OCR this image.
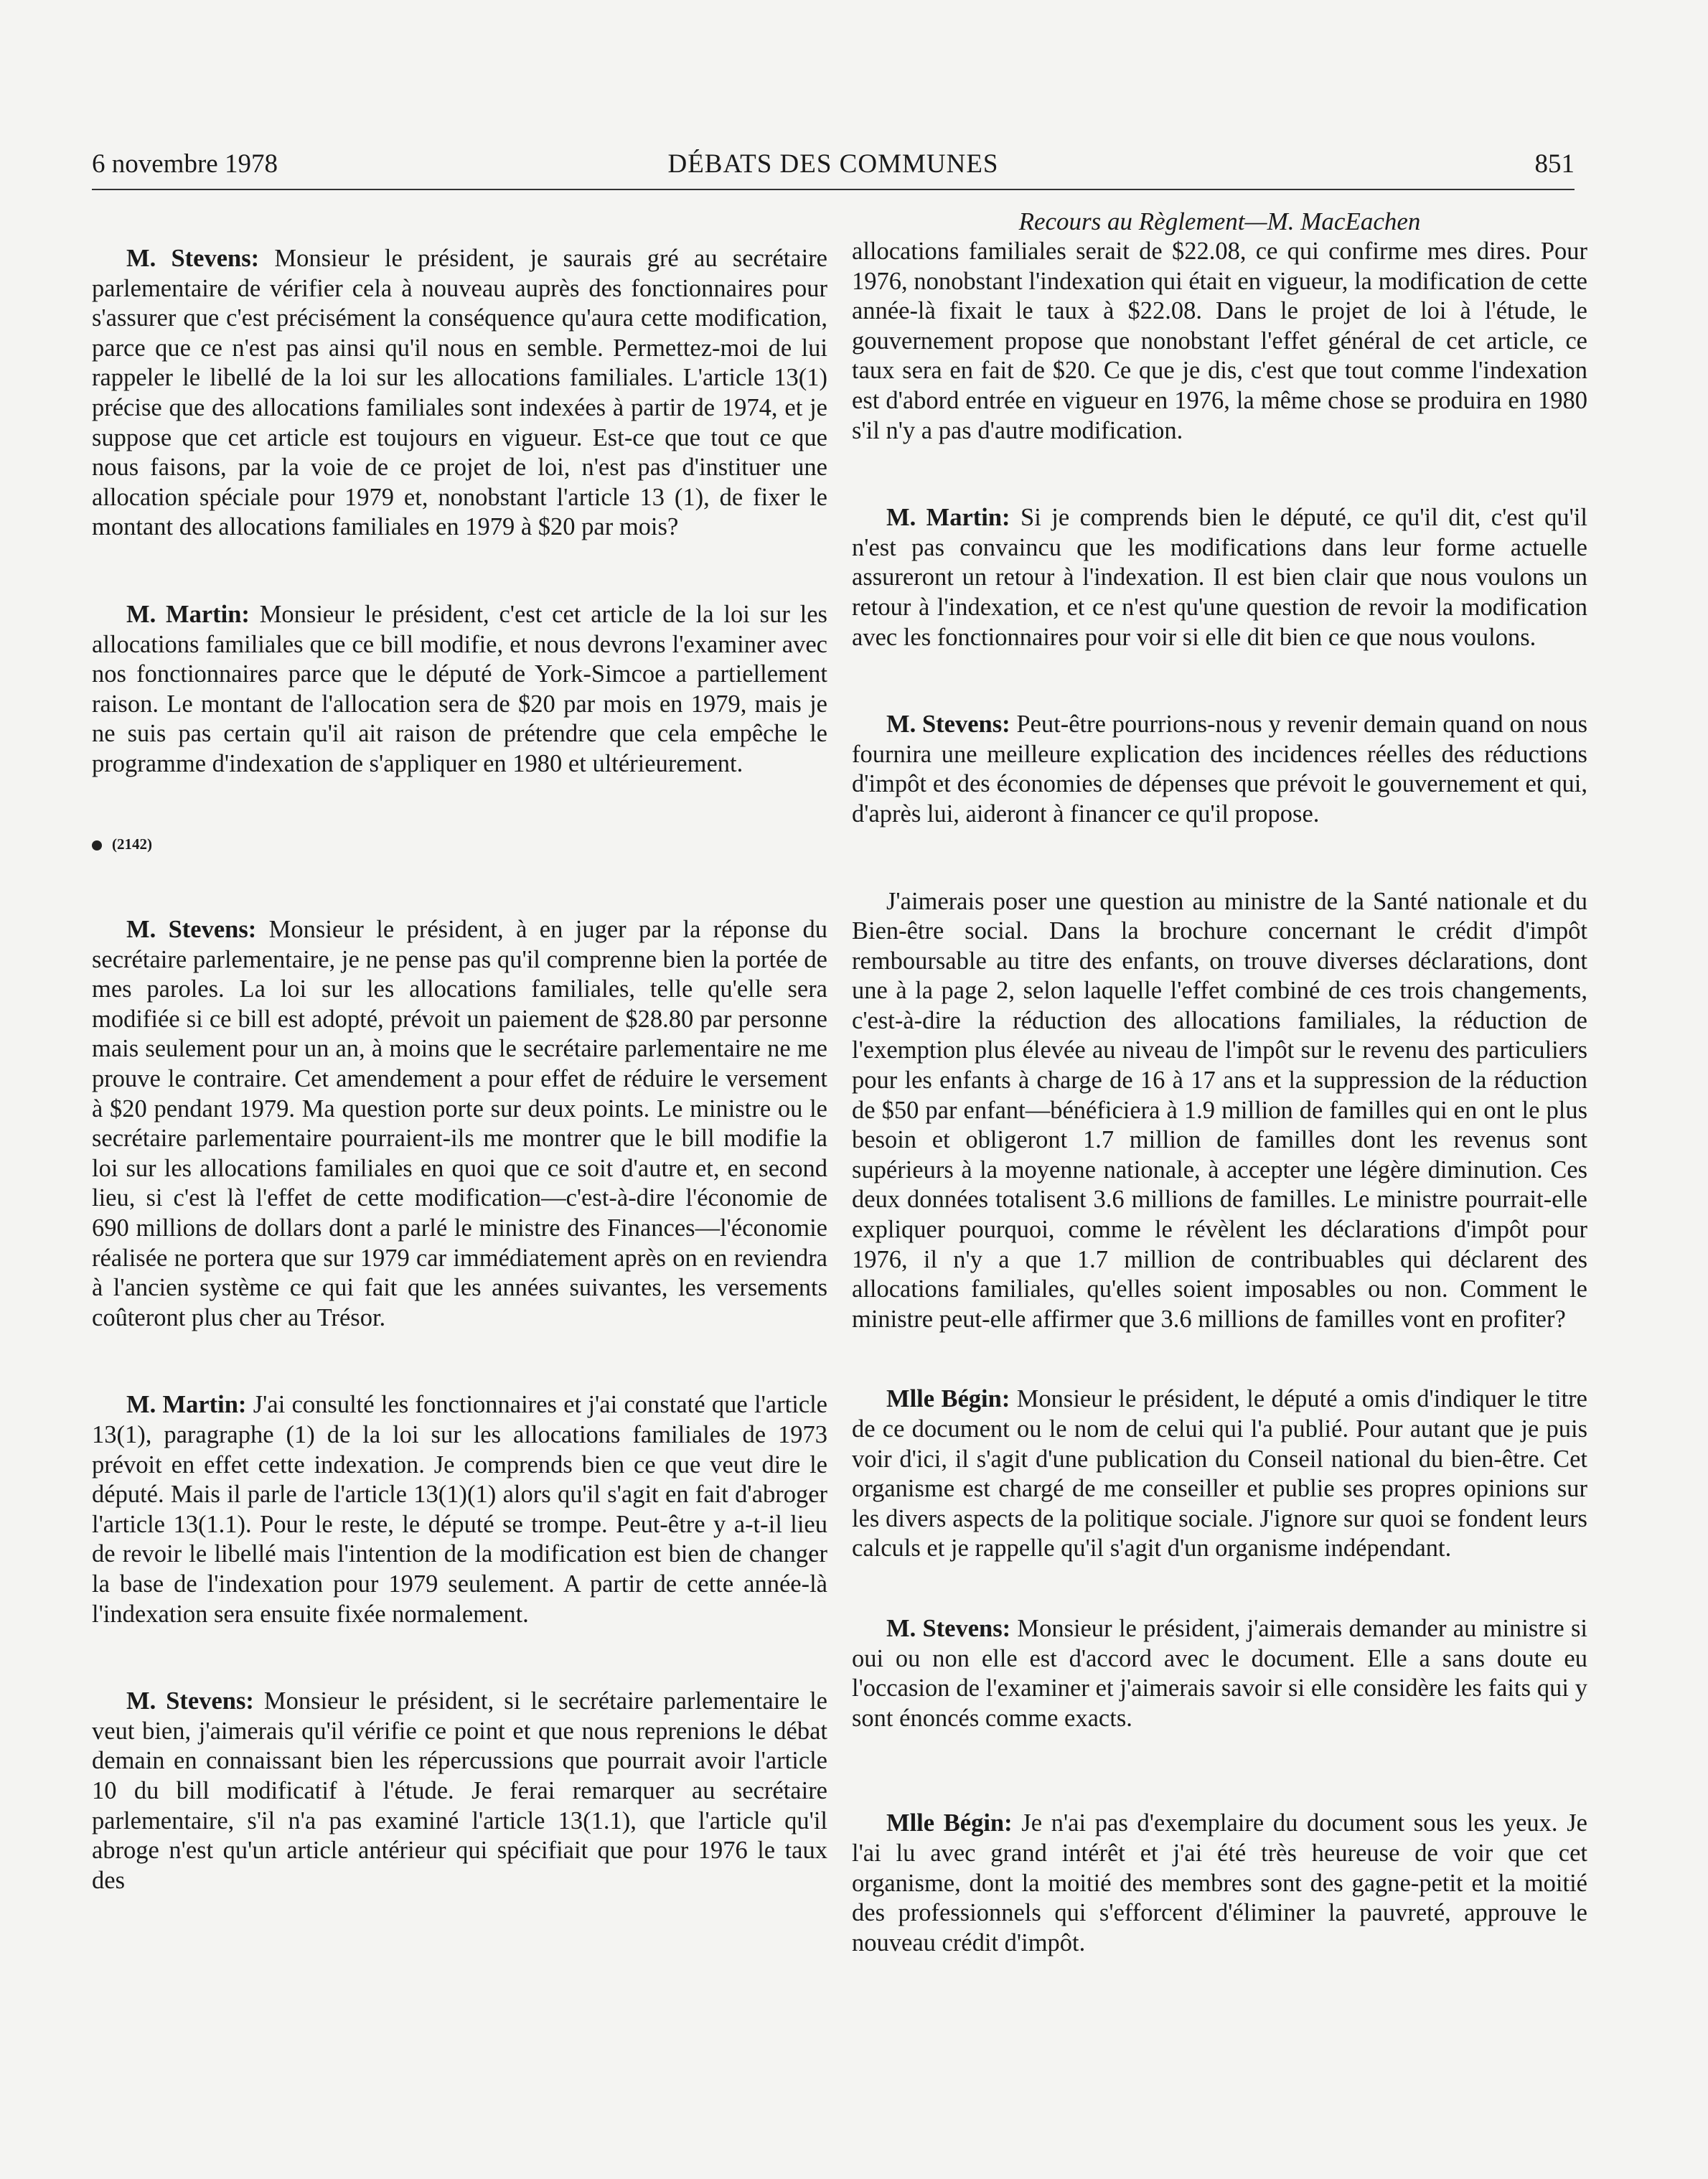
6 novembre 1978	DÉBATS DES COMMUNES	851

M. Stevens: Monsieur le président, je saurais gré au secrétaire parlementaire de vérifier cela à nouveau auprès des fonctionnaires pour s'assurer que c'est précisément la conséquence qu'aura cette modification, parce que ce n'est pas ainsi qu'il nous en semble. Permettez-moi de lui rappeler le libellé de la loi sur les allocations familiales. L'article 13(1) précise que des allocations familiales sont indexées à partir de 1974, et je suppose que cet article est toujours en vigueur. Est-ce que tout ce que nous faisons, par la voie de ce projet de loi, n'est pas d'instituer une allocation spéciale pour 1979 et, nonobstant l'article 13 (1), de fixer le montant des allocations familiales en 1979 à $20 par mois?

M. Martin: Monsieur le président, c'est cet article de la loi sur les allocations familiales que ce bill modifie, et nous devrons l'examiner avec nos fonctionnaires parce que le député de York-Simcoe a partiellement raison. Le montant de l'allocation sera de $20 par mois en 1979, mais je ne suis pas certain qu'il ait raison de prétendre que cela empêche le programme d'indexation de s'appliquer en 1980 et ultérieurement.

(2142)

M. Stevens: Monsieur le président, à en juger par la réponse du secrétaire parlementaire, je ne pense pas qu'il comprenne bien la portée de mes paroles. La loi sur les allocations familiales, telle qu'elle sera modifiée si ce bill est adopté, prévoit un paiement de $28.80 par personne mais seulement pour un an, à moins que le secrétaire parlementaire ne me prouve le contraire. Cet amendement a pour effet de réduire le versement à $20 pendant 1979. Ma question porte sur deux points. Le ministre ou le secrétaire parlementaire pourraient-ils me montrer que le bill modifie la loi sur les allocations familiales en quoi que ce soit d'autre et, en second lieu, si c'est là l'effet de cette modification—c'est-à-dire l'économie de 690 millions de dollars dont a parlé le ministre des Finances—l'économie réalisée ne portera que sur 1979 car immédiatement après on en reviendra à l'ancien système ce qui fait que les années suivantes, les versements coûteront plus cher au Trésor.

M. Martin: J'ai consulté les fonctionnaires et j'ai constaté que l'article 13(1), paragraphe (1) de la loi sur les allocations familiales de 1973 prévoit en effet cette indexation. Je comprends bien ce que veut dire le député. Mais il parle de l'article 13(1)(1) alors qu'il s'agit en fait d'abroger l'article 13(1.1). Pour le reste, le député se trompe. Peut-être y a-t-il lieu de revoir le libellé mais l'intention de la modification est bien de changer la base de l'indexation pour 1979 seulement. A partir de cette année-là l'indexation sera ensuite fixée normalement.

M. Stevens: Monsieur le président, si le secrétaire parlementaire le veut bien, j'aimerais qu'il vérifie ce point et que nous reprenions le débat demain en connaissant bien les répercussions que pourrait avoir l'article 10 du bill modificatif à l'étude. Je ferai remarquer au secrétaire parlementaire, s'il n'a pas examiné l'article 13(1.1), que l'article qu'il abroge n'est qu'un article antérieur qui spécifiait que pour 1976 le taux des

Recours au Règlement—M. MacEachen

allocations familiales serait de $22.08, ce qui confirme mes dires. Pour 1976, nonobstant l'indexation qui était en vigueur, la modification de cette année-là fixait le taux à $22.08. Dans le projet de loi à l'étude, le gouvernement propose que nonobstant l'effet général de cet article, ce taux sera en fait de $20. Ce que je dis, c'est que tout comme l'indexation est d'abord entrée en vigueur en 1976, la même chose se produira en 1980 s'il n'y a pas d'autre modification.

M. Martin: Si je comprends bien le député, ce qu'il dit, c'est qu'il n'est pas convaincu que les modifications dans leur forme actuelle assureront un retour à l'indexation. Il est bien clair que nous voulons un retour à l'indexation, et ce n'est qu'une question de revoir la modification avec les fonctionnaires pour voir si elle dit bien ce que nous voulons.

M. Stevens: Peut-être pourrions-nous y revenir demain quand on nous fournira une meilleure explication des incidences réelles des réductions d'impôt et des économies de dépenses que prévoit le gouvernement et qui, d'après lui, aideront à financer ce qu'il propose.

J'aimerais poser une question au ministre de la Santé nationale et du Bien-être social. Dans la brochure concernant le crédit d'impôt remboursable au titre des enfants, on trouve diverses déclarations, dont une à la page 2, selon laquelle l'effet combiné de ces trois changements, c'est-à-dire la réduction des allocations familiales, la réduction de l'exemption plus élevée au niveau de l'impôt sur le revenu des particuliers pour les enfants à charge de 16 à 17 ans et la suppression de la réduction de $50 par enfant—bénéficiera à 1.9 million de familles qui en ont le plus besoin et obligeront 1.7 million de familles dont les revenus sont supérieurs à la moyenne nationale, à accepter une légère diminution. Ces deux données totalisent 3.6 millions de familles. Le ministre pourrait-elle expliquer pourquoi, comme le révèlent les déclarations d'impôt pour 1976, il n'y a que 1.7 million de contribuables qui déclarent des allocations familiales, qu'elles soient imposables ou non. Comment le ministre peut-elle affirmer que 3.6 millions de familles vont en profiter?

Mlle Bégin: Monsieur le président, le député a omis d'indiquer le titre de ce document ou le nom de celui qui l'a publié. Pour autant que je puis voir d'ici, il s'agit d'une publication du Conseil national du bien-être. Cet organisme est chargé de me conseiller et publie ses propres opinions sur les divers aspects de la politique sociale. J'ignore sur quoi se fondent leurs calculs et je rappelle qu'il s'agit d'un organisme indépendant.

M. Stevens: Monsieur le président, j'aimerais demander au ministre si oui ou non elle est d'accord avec le document. Elle a sans doute eu l'occasion de l'examiner et j'aimerais savoir si elle considère les faits qui y sont énoncés comme exacts.

Mlle Bégin: Je n'ai pas d'exemplaire du document sous les yeux. Je l'ai lu avec grand intérêt et j'ai été très heureuse de voir que cet organisme, dont la moitié des membres sont des gagne-petit et la moitié des professionnels qui s'efforcent d'éliminer la pauvreté, approuve le nouveau crédit d'impôt.
